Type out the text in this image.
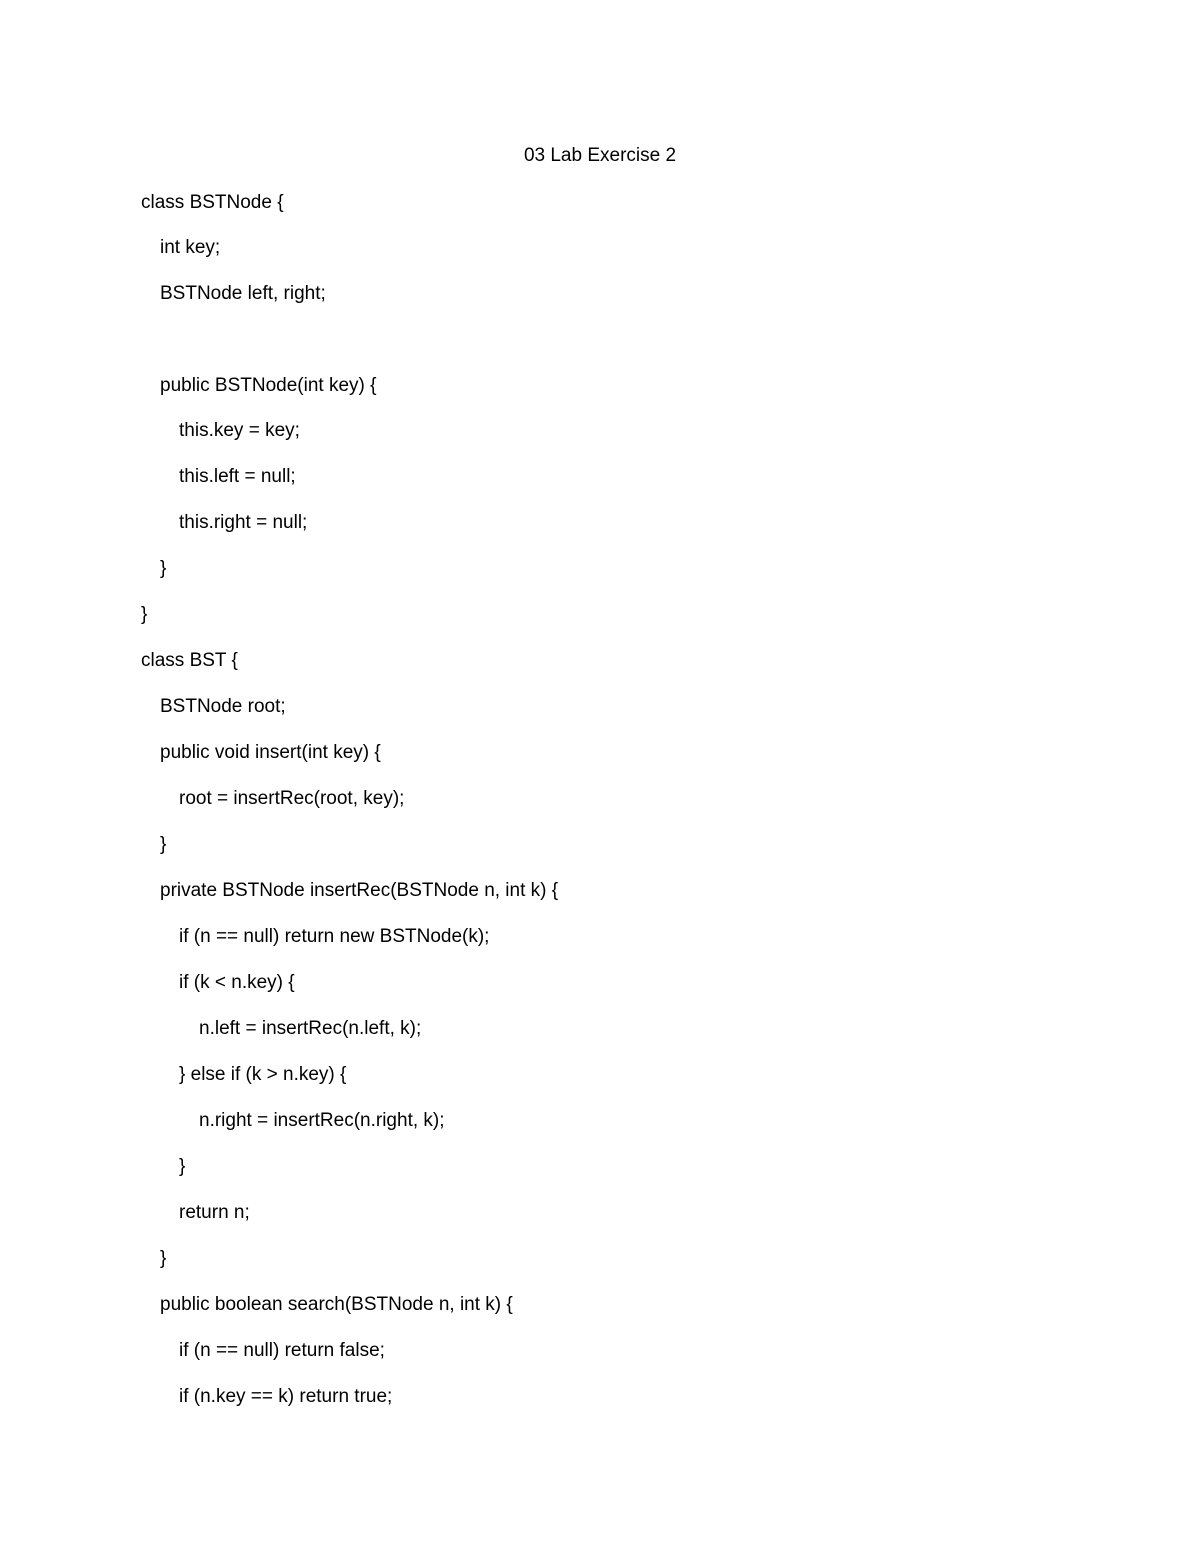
03 Lab Exercise 2
class BSTNode {
int key;
BSTNode left, right;
public BSTNode(int key) {
this.key = key;
this.left = null;
this.right = null;
}
}
class BST {
BSTNode root;
public void insert(int key) {
root = insertRec(root, key);
}
private BSTNode insertRec(BSTNode n, int k) {
if (n == null) return new BSTNode(k);
if (k < n.key) {
n.left = insertRec(n.left, k);
} else if (k > n.key) {
n.right = insertRec(n.right, k);
}
return n;
}
public boolean search(BSTNode n, int k) {
if (n == null) return false;
if (n.key == k) return true;
